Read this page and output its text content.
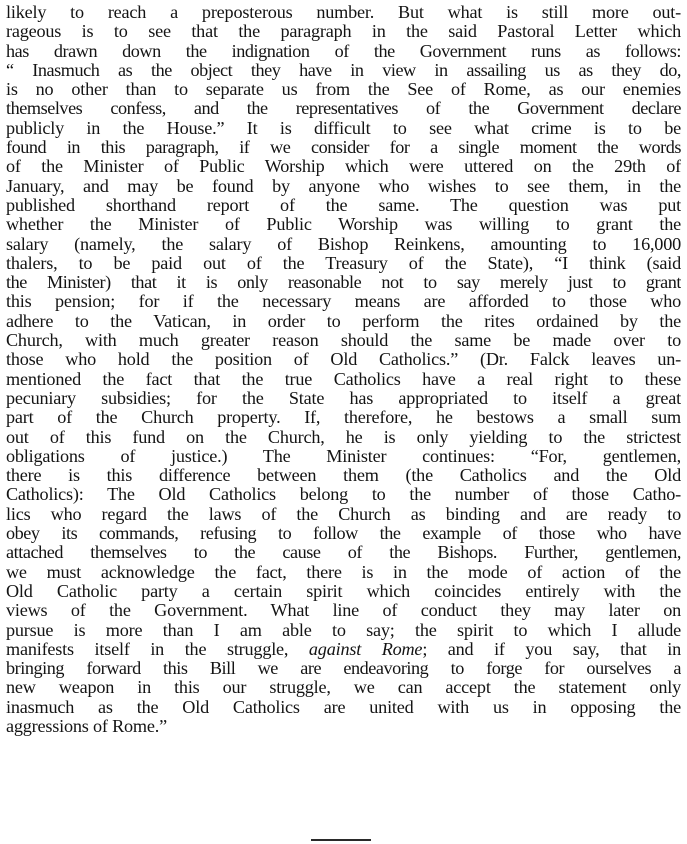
likely to reach a preposterous number. But what is still more out-
rageous is to see that the paragraph in the said Pastoral Letter which
has drawn down the indignation of the Government runs as follows:
“ Inasmuch as the object they have in view in assailing us as they do,
is no other than to separate us from the See of Rome, as our enemies
themselves confess, and the representatives of the Government declare
publicly in the House.” It is difficult to see what crime is to be
found in this paragraph, if we consider for a single moment the words
of the Minister of Public Worship which were uttered on the 29th of
January, and may be found by anyone who wishes to see them, in the
published shorthand report of the same. The question was put
whether the Minister of Public Worship was willing to grant the
salary (namely, the salary of Bishop Reinkens, amounting to 16,000
thalers, to be paid out of the Treasury of the State), “I think (said
the Minister) that it is only reasonable not to say merely just to grant
this pension; for if the necessary means are afforded to those who
adhere to the Vatican, in order to perform the rites ordained by the
Church, with much greater reason should the same be made over to
those who hold the position of Old Catholics.” (Dr. Falck leaves un-
mentioned the fact that the true Catholics have a real right to these
pecuniary subsidies; for the State has appropriated to itself a great
part of the Church property. If, therefore, he bestows a small sum
out of this fund on the Church, he is only yielding to the strictest
obligations of justice.) The Minister continues: “For, gentlemen,
there is this difference between them (the Catholics and the Old
Catholics): The Old Catholics belong to the number of those Catho-
lics who regard the laws of the Church as binding and are ready to
obey its commands, refusing to follow the example of those who have
attached themselves to the cause of the Bishops. Further, gentlemen,
we must acknowledge the fact, there is in the mode of action of the
Old Catholic party a certain spirit which coincides entirely with the
views of the Government. What line of conduct they may later on
pursue is more than I am able to say; the spirit to which I allude
manifests itself in the struggle, against Rome; and if you say, that in
bringing forward this Bill we are endeavoring to forge for ourselves a
new weapon in this our struggle, we can accept the statement only
inasmuch as the Old Catholics are united with us in opposing the
aggressions of Rome.”
